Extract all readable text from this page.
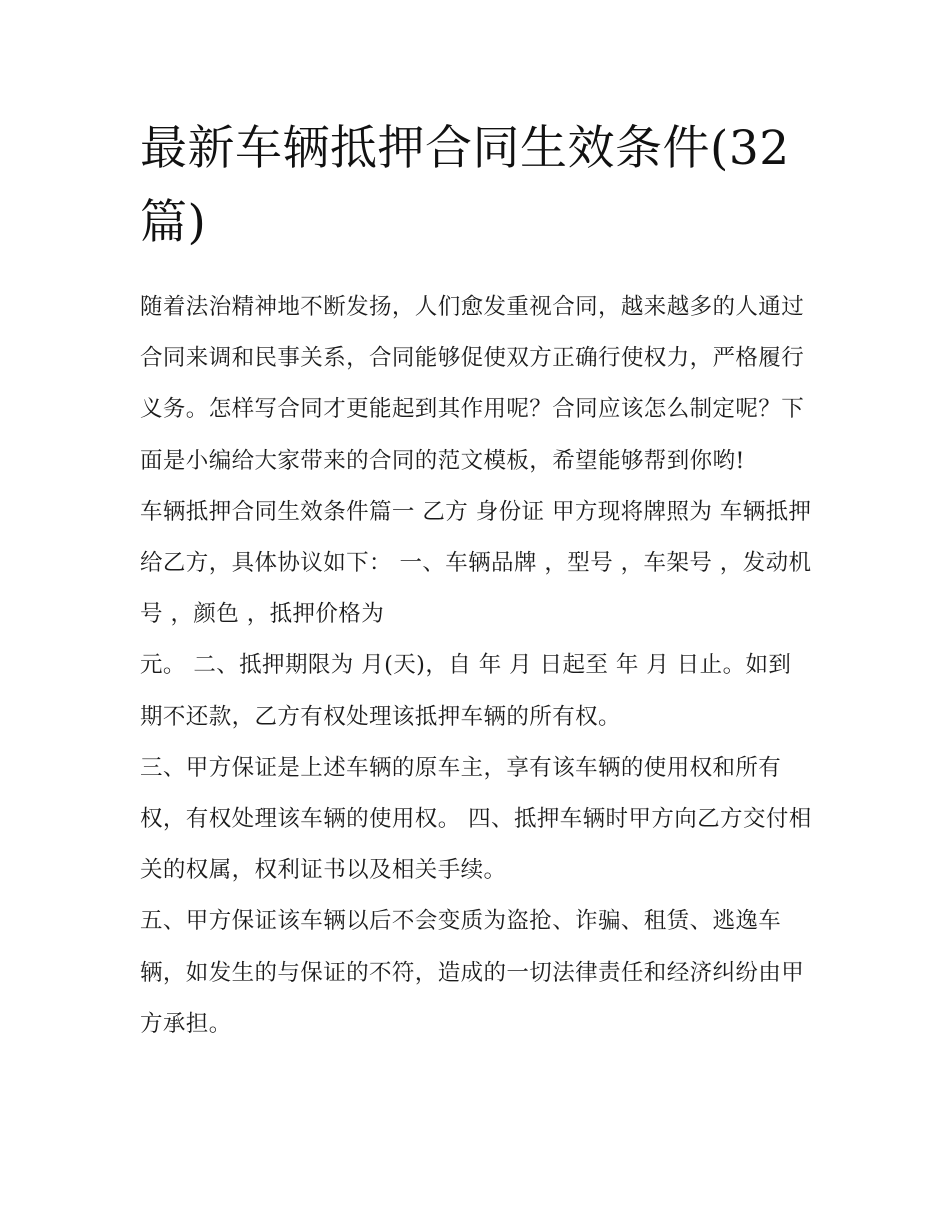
最新车辆抵押合同生效条件(32篇)

随着法治精神地不断发扬，人们愈发重视合同，越来越多的人通过合同来调和民事关系，合同能够促使双方正确行使权力，严格履行义务。怎样写合同才更能起到其作用呢？合同应该怎么制定呢？下面是小编给大家带来的合同的范文模板，希望能够帮到你哟!

车辆抵押合同生效条件篇一 乙方 身份证 甲方现将牌照为 车辆抵押给乙方，具体协议如下： 一、车辆品牌 ，型号 ，车架号 ，发动机号 ，颜色 ，抵押价格为

元。 二、抵押期限为 月(天)，自 年 月 日起至 年 月 日止。如到期不还款，乙方有权处理该抵押车辆的所有权。

三、甲方保证是上述车辆的原车主，享有该车辆的使用权和所有权，有权处理该车辆的使用权。 四、抵押车辆时甲方向乙方交付相关的权属，权利证书以及相关手续。

五、甲方保证该车辆以后不会变质为盗抢、诈骗、租赁、逃逸车辆，如发生的与保证的不符，造成的一切法律责任和经济纠纷由甲方承担。
